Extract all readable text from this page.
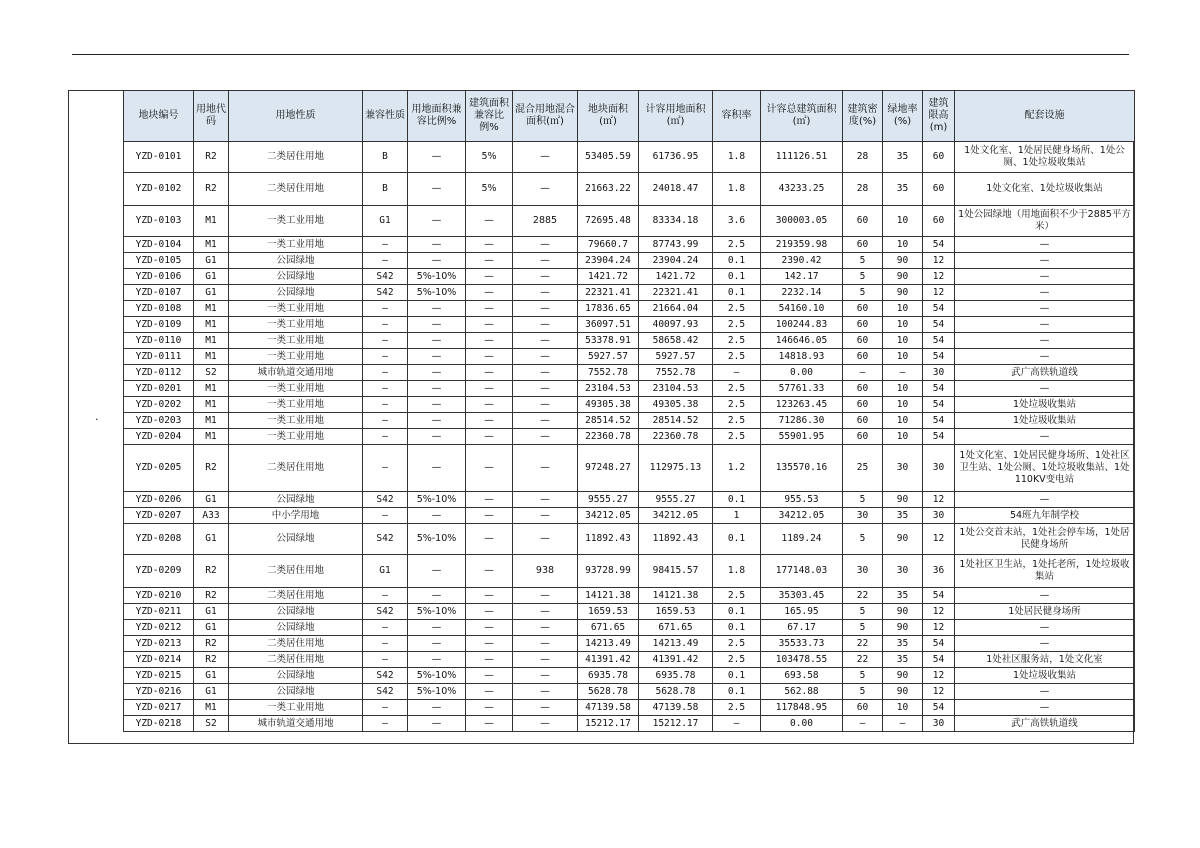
·
地块编号	用地代码	用地性质	兼容性质	用地面积兼容比例%	建筑面积兼容比例%	混合用地混合面积(㎡)	地块面积(㎡)	计容用地面积(㎡)	容积率	计容总建筑面积(㎡)	建筑密度(%)	绿地率(%)	建筑限高(m)	配套设施
YZD-0101	R2	二类居住用地	B	—	5%	—	53405.59	61736.95	1.8	111126.51	28	35	60	1处文化室、1处居民健身场所、1处公厕、1处垃圾收集站
YZD-0102	R2	二类居住用地	B	—	5%	—	21663.22	24018.47	1.8	43233.25	28	35	60	1处文化室、1处垃圾收集站
YZD-0103	M1	一类工业用地	G1	—	—	2885	72695.48	83334.18	3.6	300003.05	60	10	60	1处公园绿地（用地面积不少于2885平方米）
YZD-0104	M1	一类工业用地	—	—	—	—	79660.7	87743.99	2.5	219359.98	60	10	54	—
YZD-0105	G1	公园绿地	—	—	—	—	23904.24	23904.24	0.1	2390.42	5	90	12	—
YZD-0106	G1	公园绿地	S42	5%-10%	—	—	1421.72	1421.72	0.1	142.17	5	90	12	—
YZD-0107	G1	公园绿地	S42	5%-10%	—	—	22321.41	22321.41	0.1	2232.14	5	90	12	—
YZD-0108	M1	一类工业用地	—	—	—	—	17836.65	21664.04	2.5	54160.10	60	10	54	—
YZD-0109	M1	一类工业用地	—	—	—	—	36097.51	40097.93	2.5	100244.83	60	10	54	—
YZD-0110	M1	一类工业用地	—	—	—	—	53378.91	58658.42	2.5	146646.05	60	10	54	—
YZD-0111	M1	一类工业用地	—	—	—	—	5927.57	5927.57	2.5	14818.93	60	10	54	—
YZD-0112	S2	城市轨道交通用地	—	—	—	—	7552.78	7552.78	—	0.00	—	—	30	武广高铁轨道线
YZD-0201	M1	一类工业用地	—	—	—	—	23104.53	23104.53	2.5	57761.33	60	10	54	—
YZD-0202	M1	一类工业用地	—	—	—	—	49305.38	49305.38	2.5	123263.45	60	10	54	1处垃圾收集站
YZD-0203	M1	一类工业用地	—	—	—	—	28514.52	28514.52	2.5	71286.30	60	10	54	1处垃圾收集站
YZD-0204	M1	一类工业用地	—	—	—	—	22360.78	22360.78	2.5	55901.95	60	10	54	—
YZD-0205	R2	二类居住用地	—	—	—	—	97248.27	112975.13	1.2	135570.16	25	30	30	1处文化室、1处居民健身场所、1处社区卫生站、1处公厕、1处垃圾收集站、1处110KV变电站
YZD-0206	G1	公园绿地	S42	5%-10%	—	—	9555.27	9555.27	0.1	955.53	5	90	12	—
YZD-0207	A33	中小学用地	—	—	—	—	34212.05	34212.05	1	34212.05	30	35	30	54班九年制学校
YZD-0208	G1	公园绿地	S42	5%-10%	—	—	11892.43	11892.43	0.1	1189.24	5	90	12	1处公交首末站，1处社会停车场，1处居民健身场所
YZD-0209	R2	二类居住用地	G1	—	—	938	93728.99	98415.57	1.8	177148.03	30	30	36	1处社区卫生站，1处托老所，1处垃圾收集站
YZD-0210	R2	二类居住用地	—	—	—	—	14121.38	14121.38	2.5	35303.45	22	35	54	—
YZD-0211	G1	公园绿地	S42	5%-10%	—	—	1659.53	1659.53	0.1	165.95	5	90	12	1处居民健身场所
YZD-0212	G1	公园绿地	—	—	—	—	671.65	671.65	0.1	67.17	5	90	12	—
YZD-0213	R2	二类居住用地	—	—	—	—	14213.49	14213.49	2.5	35533.73	22	35	54	—
YZD-0214	R2	二类居住用地	—	—	—	—	41391.42	41391.42	2.5	103478.55	22	35	54	1处社区服务站，1处文化室
YZD-0215	G1	公园绿地	S42	5%-10%	—	—	6935.78	6935.78	0.1	693.58	5	90	12	1处垃圾收集站
YZD-0216	G1	公园绿地	S42	5%-10%	—	—	5628.78	5628.78	0.1	562.88	5	90	12	—
YZD-0217	M1	一类工业用地	—	—	—	—	47139.58	47139.58	2.5	117848.95	60	10	54	—
YZD-0218	S2	城市轨道交通用地	—	—	—	—	15212.17	15212.17	—	0.00	—	—	30	武广高铁轨道线
